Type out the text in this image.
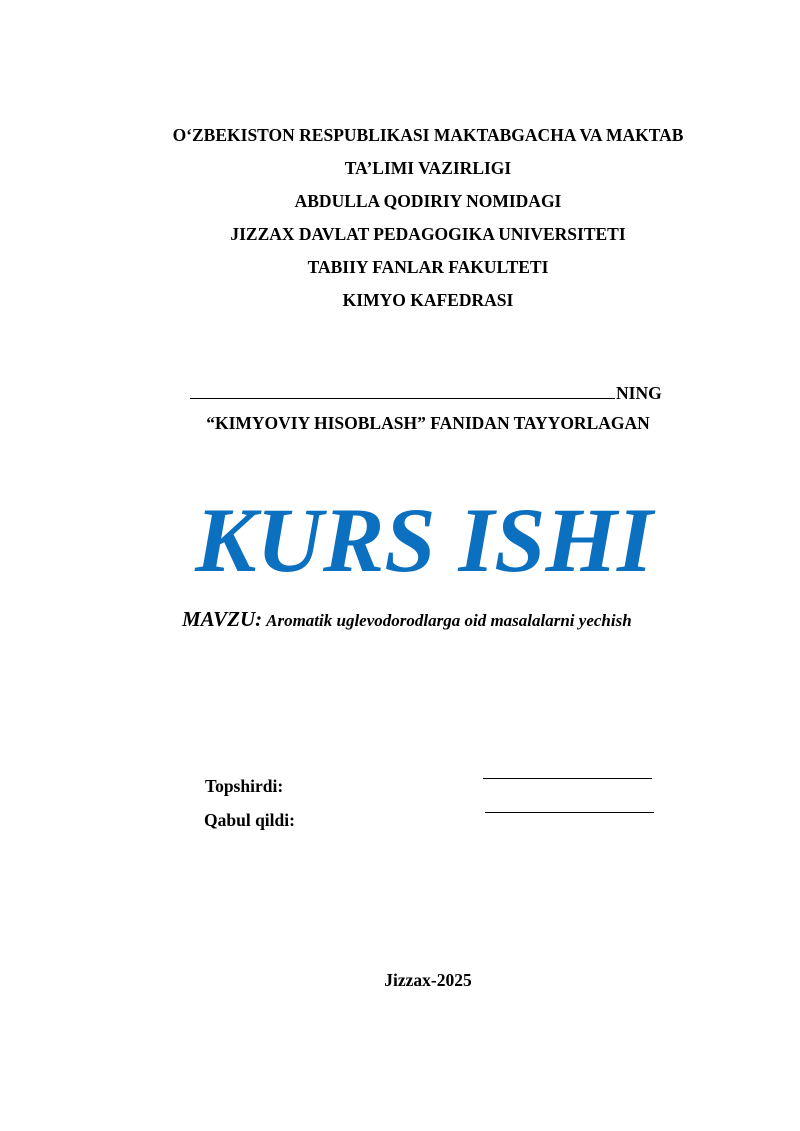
O‘ZBEKISTON RESPUBLIKASI MAKTABGACHA VA MAKTAB
TA’LIMI VAZIRLIGI
ABDULLA QODIRIY NOMIDAGI
JIZZAX DAVLAT PEDAGOGIKA UNIVERSITETI
TABIIY FANLAR FAKULTETI
KIMYO KAFEDRASI
NING
“KIMYOVIY HISOBLASH” FANIDAN TAYYORLAGAN
KURS ISHI
MAVZU: Aromatik uglevodorodlarga oid masalalarni yechish
Topshirdi:
Qabul qildi:
Jizzax-2025
